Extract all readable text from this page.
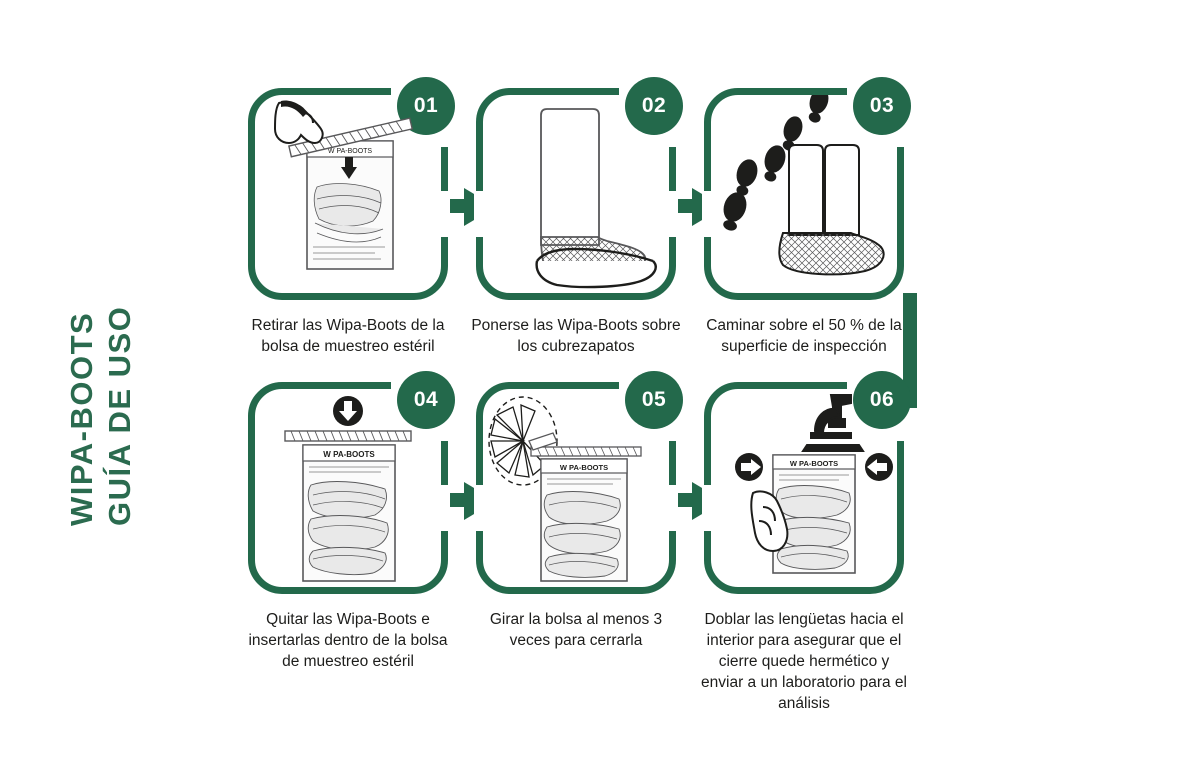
WIPA-BOOTS GUÍA DE USO
01
W PA-BOOTS
Retirar las Wipa-Boots de la bolsa de muestreo estéril
02
Ponerse las Wipa-Boots sobre los cubrezapatos
03
Caminar sobre el 50 % de la superficie de inspección
04
W PA-BOOTS
Quitar las Wipa-Boots e insertarlas dentro de la bolsa de muestreo estéril
05
W PA-BOOTS
Girar la bolsa al menos 3 veces para cerrarla
06
W PA-BOOTS
Doblar las lengüetas hacia el interior para asegurar que el cierre quede hermético y enviar a un laboratorio para el análisis
